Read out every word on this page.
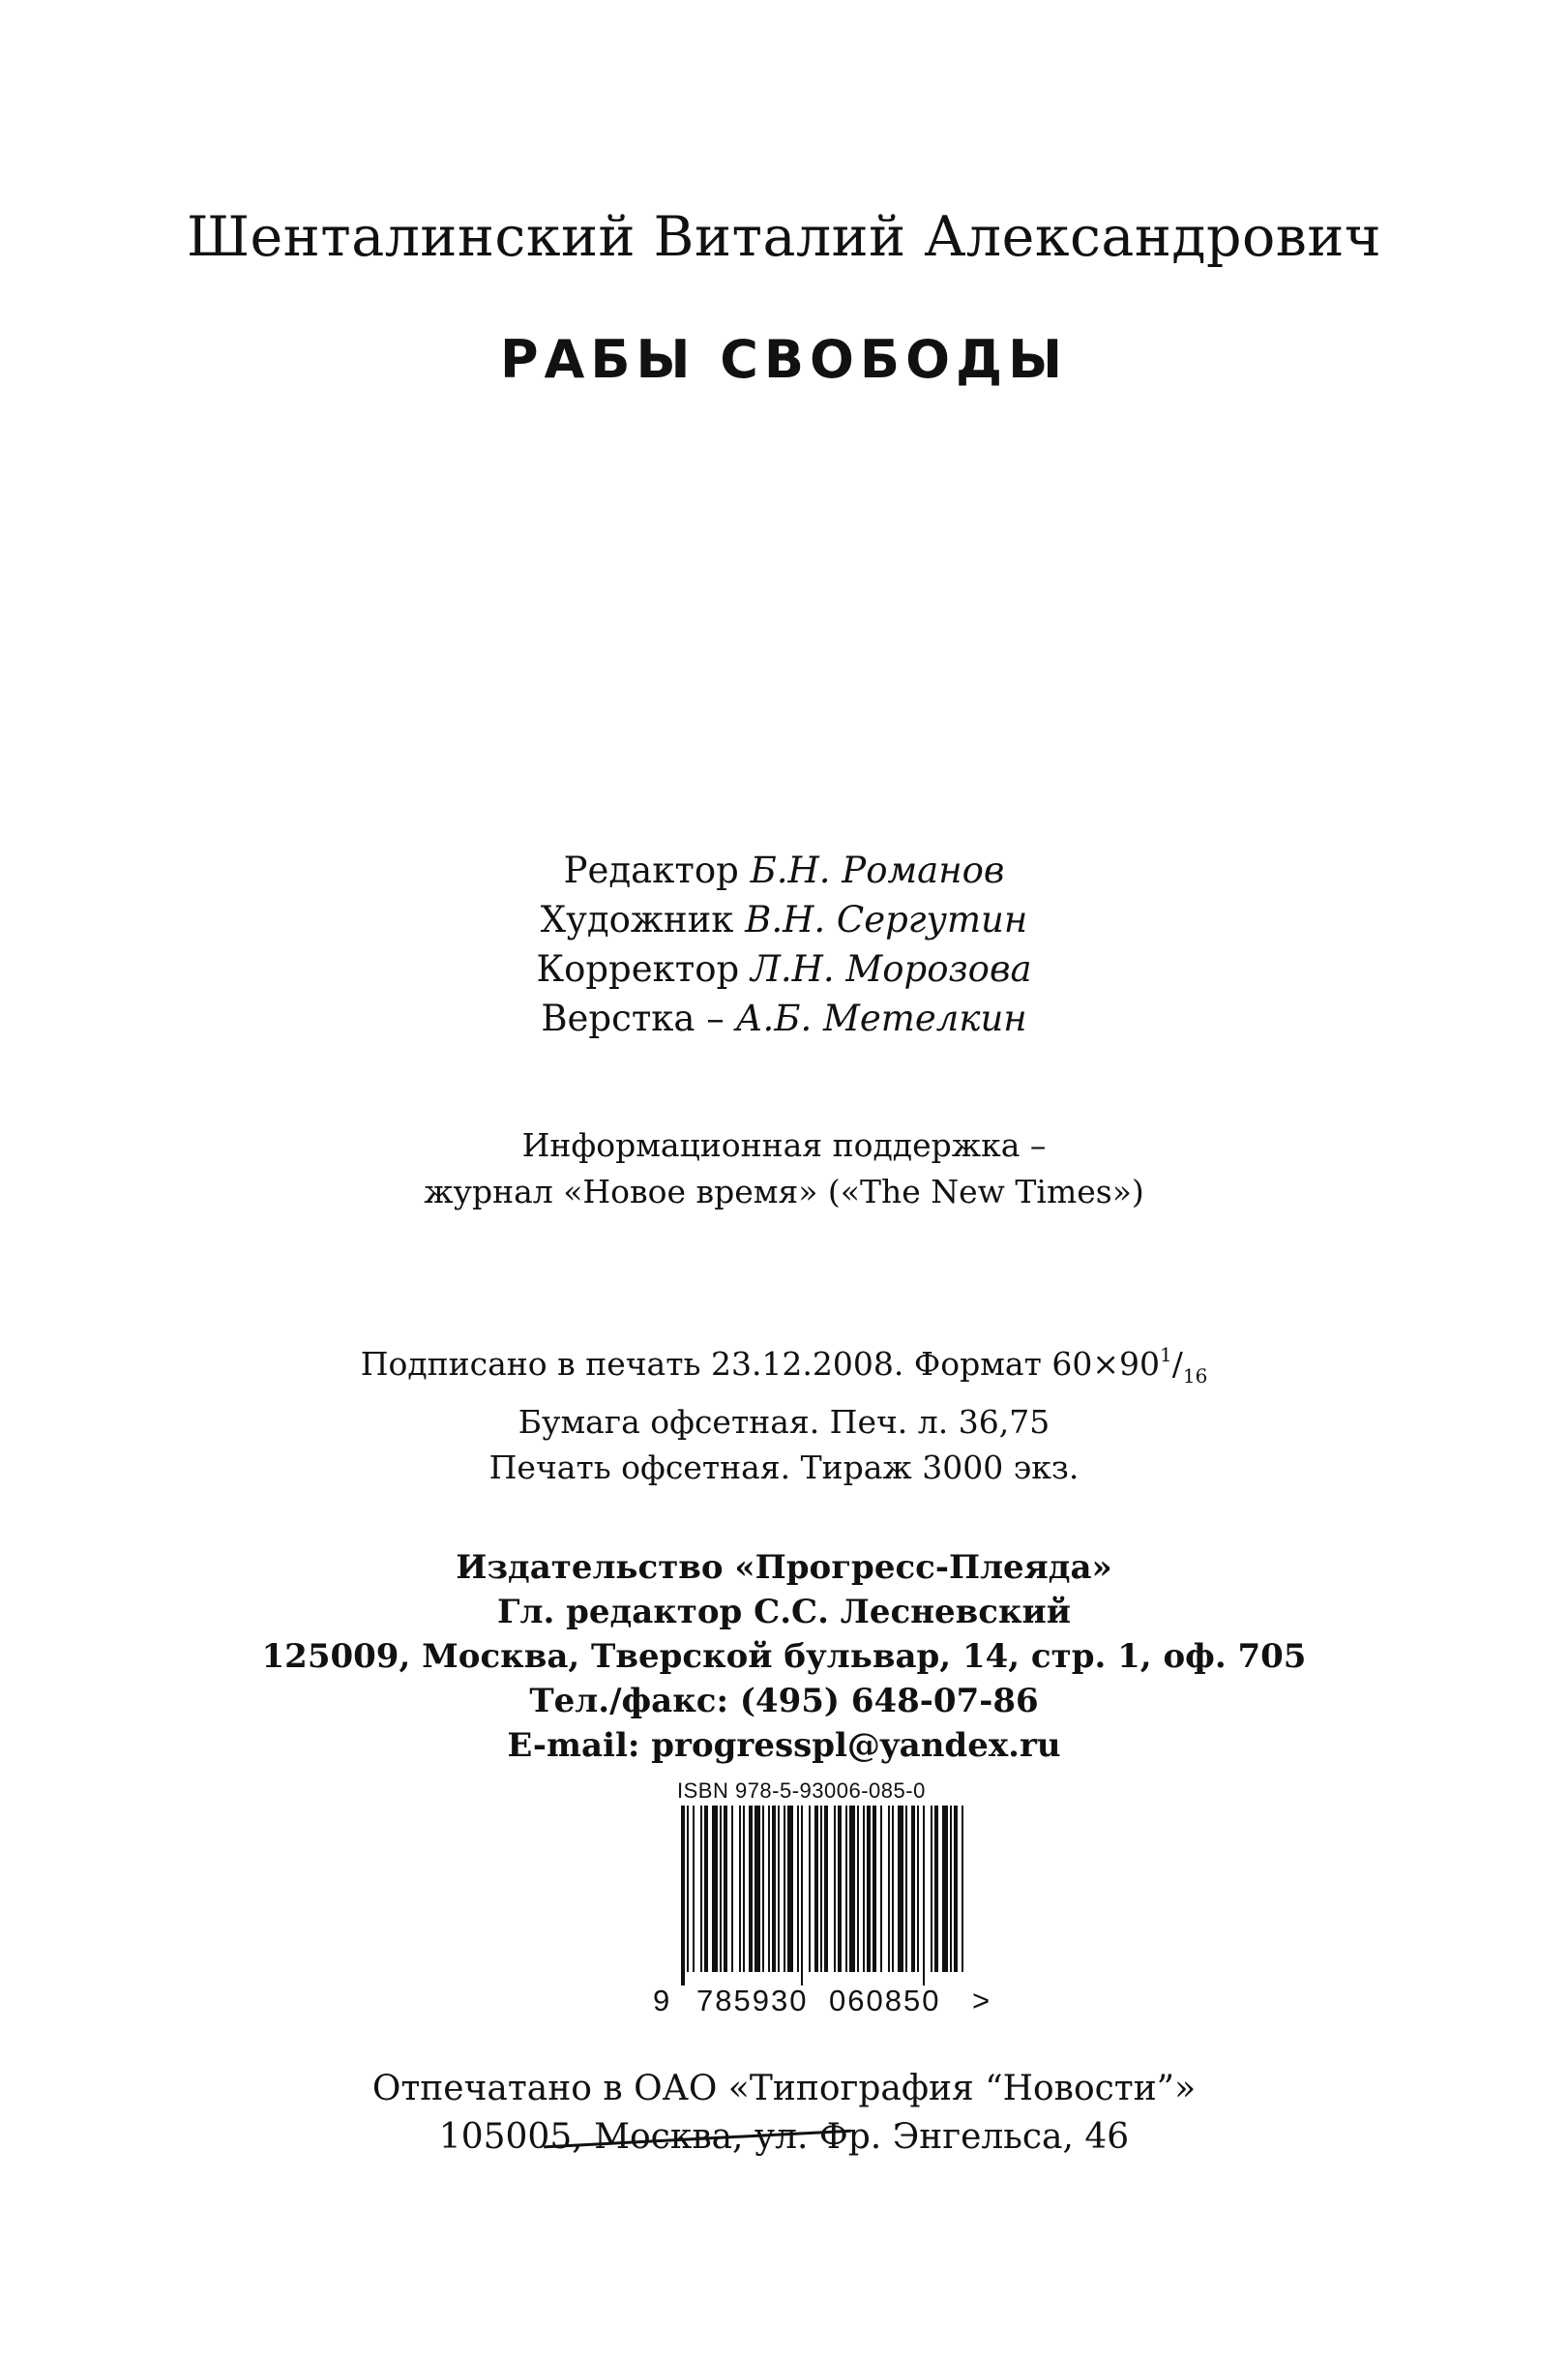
Шенталинский Виталий Александрович
РАБЫ СВОБОДЫ
Редактор Б.Н. Романов
Художник В.Н. Сергутин
Корректор Л.Н. Морозова
Верстка – А.Б. Метелкин
Информационная поддержка –
журнал «Новое время» («The New Times»)
Подписано в печать 23.12.2008. Формат $60\times 90^1/_{16}$
Бумага офсетная. Печ. л. 36,75
Печать офсетная. Тираж 3000 экз.
Издательство «Прогресс-Плеяда»
Гл. редактор С.С. Лесневский
125009, Москва, Тверской бульвар, 14, стр. 1, оф. 705
Тел./факс: (495) 648-07-86
E-mail: progresspl@yandex.ru
ISBN 978-5-93006-085-0
9 785930 060850 >
Отпечатано в ОАО «Типография “Новости”»
105005, Москва, ул. Фр. Энгельса, 46
